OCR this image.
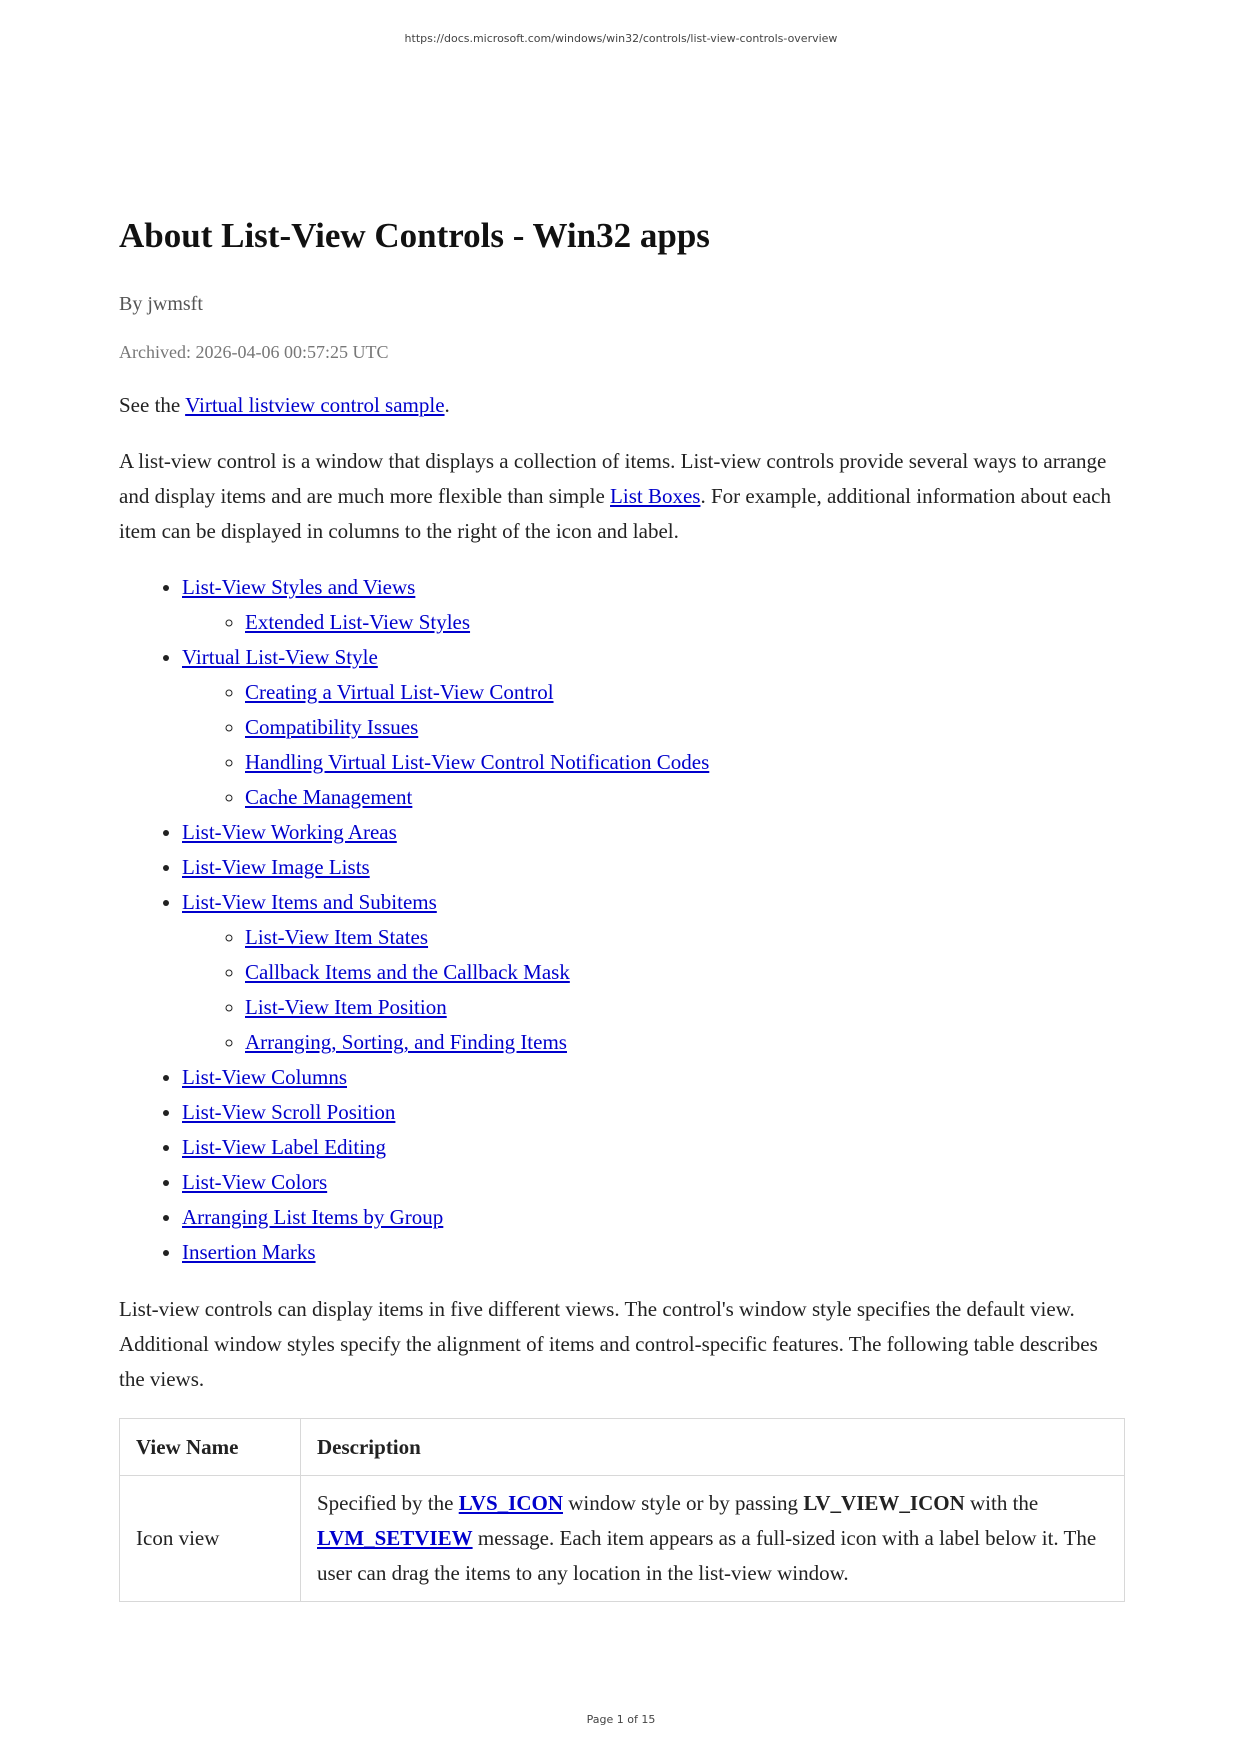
https://docs.microsoft.com/windows/win32/controls/list-view-controls-overview
About List-View Controls - Win32 apps
By jwmsft
Archived: 2026-04-06 00:57:25 UTC

See the Virtual listview control sample.

A list-view control is a window that displays a collection of items. List-view controls provide several ways to arrange and display items and are much more flexible than simple List Boxes. For example, additional information about each item can be displayed in columns to the right of the icon and label.

• List-View Styles and Views
◦ Extended List-View Styles
• Virtual List-View Style
◦ Creating a Virtual List-View Control
◦ Compatibility Issues
◦ Handling Virtual List-View Control Notification Codes
◦ Cache Management
• List-View Working Areas
• List-View Image Lists
• List-View Items and Subitems
◦ List-View Item States
◦ Callback Items and the Callback Mask
◦ List-View Item Position
◦ Arranging, Sorting, and Finding Items
• List-View Columns
• List-View Scroll Position
• List-View Label Editing
• List-View Colors
• Arranging List Items by Group
• Insertion Marks

List-view controls can display items in five different views. The control's window style specifies the default view. Additional window styles specify the alignment of items and control-specific features. The following table describes the views.

View Name	Description
Icon view	Specified by the LVS_ICON window style or by passing LV_VIEW_ICON with the LVM_SETVIEW message. Each item appears as a full-sized icon with a label below it. The user can drag the items to any location in the list-view window.
Page 1 of 15
